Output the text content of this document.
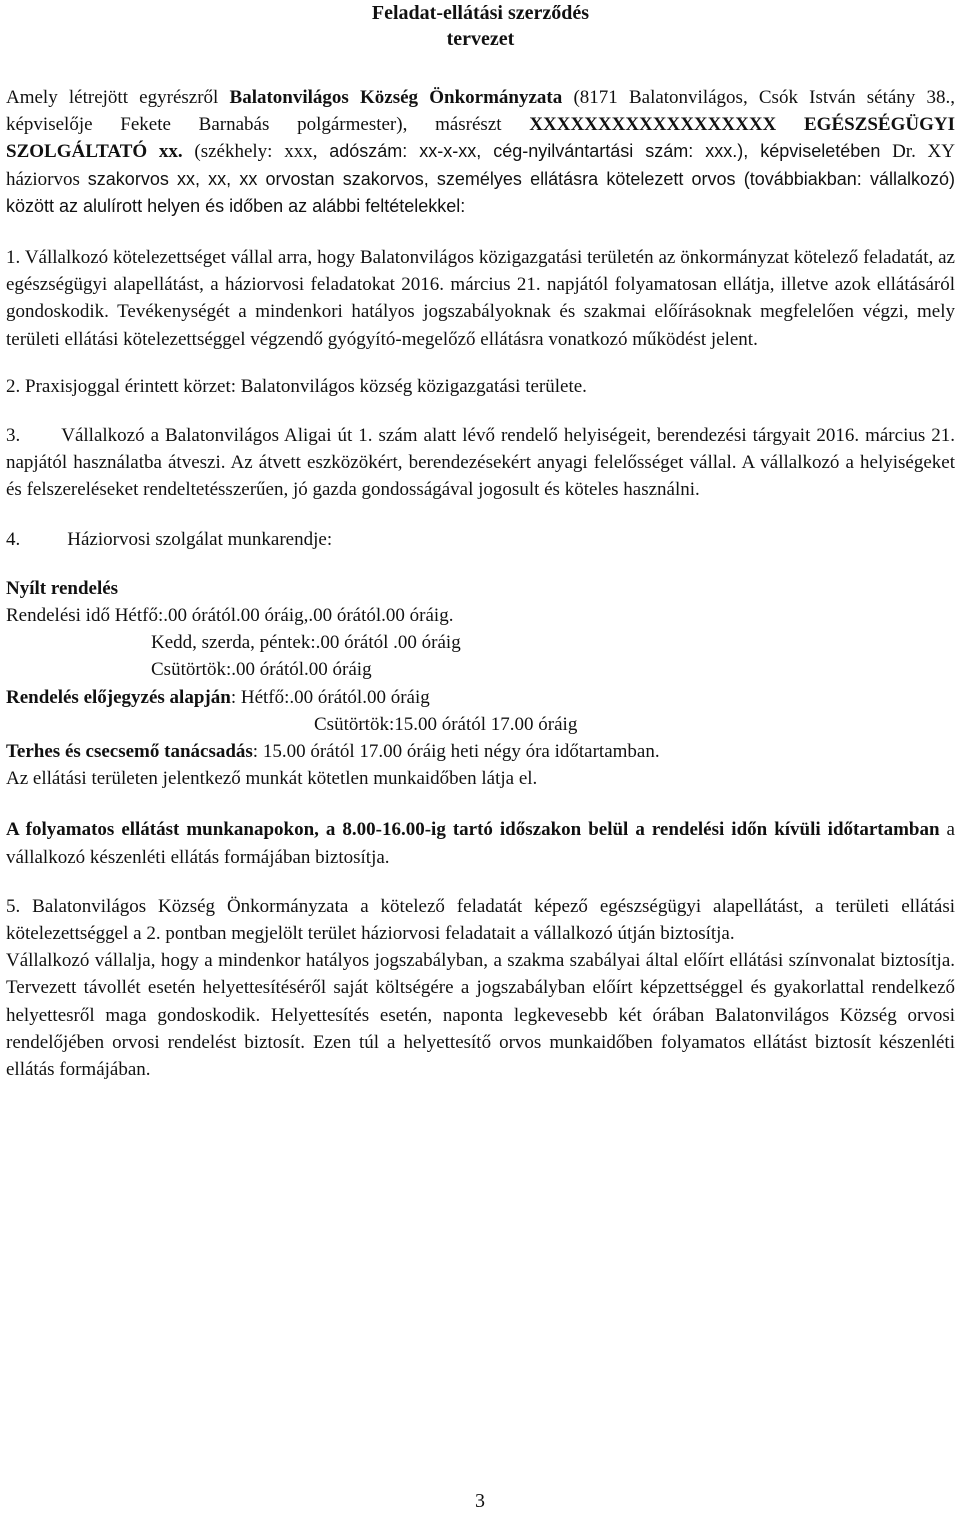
Feladat-ellátási szerződés

tervezet

Amely létrejött egyrészről Balatonvilágos Község Önkormányzata (8171 Balatonvilágos, Csók István sétány 38., képviselője Fekete Barnabás polgármester), másrészt XXXXXXXXXXXXXXXXXX EGÉSZSÉGÜGYI SZOLGÁLTATÓ xx. (székhely: xxx, adószám: xx-x-xx, cég-nyilvántartási szám: xxx.), képviseletében Dr. XY háziorvos szakorvos xx, xx, xx orvostan szakorvos, személyes ellátásra kötelezett orvos (továbbiakban: vállalkozó) között az alulírott helyen és időben az alábbi feltételekkel:

1. Vállalkozó kötelezettséget vállal arra, hogy Balatonvilágos közigazgatási területén az önkormányzat kötelező feladatát, az egészségügyi alapellátást, a háziorvosi feladatokat 2016. március 21. napjától folyamatosan ellátja, illetve azok ellátásáról gondoskodik. Tevékenységét a mindenkori hatályos jogszabályoknak és szakmai előírásoknak megfelelően végzi, mely területi ellátási kötelezettséggel végzendő gyógyító-megelőző ellátásra vonatkozó működést jelent.

2. Praxisjoggal érintett körzet: Balatonvilágos község közigazgatási területe.

3. Vállalkozó a Balatonvilágos Aligai út 1. szám alatt lévő rendelő helyiségeit, berendezési tárgyait 2016. március 21. napjától használatba átveszi. Az átvett eszközökért, berendezésekért anyagi felelősséget vállal. A vállalkozó a helyiségeket és felszereléseket rendeltetésszerűen, jó gazda gondosságával jogosult és köteles használni.

4. Háziorvosi szolgálat munkarendje:

Nyílt rendelés

Rendelési idő Hétfő:.00 órától.00 óráig,.00 órától.00 óráig.

Kedd, szerda, péntek:.00 órától .00 óráig

Csütörtök:.00 órától.00 óráig

Rendelés előjegyzés alapján: Hétfő:.00 órától.00 óráig

Csütörtök:15.00 órától 17.00 óráig

Terhes és csecsemő tanácsadás: 15.00 órától 17.00 óráig heti négy óra időtartamban.

Az ellátási területen jelentkező munkát kötetlen munkaidőben látja el.

A folyamatos ellátást munkanapokon, a 8.00-16.00-ig tartó időszakon belül a rendelési időn kívüli időtartamban a vállalkozó készenléti ellátás formájában biztosítja.

5. Balatonvilágos Község Önkormányzata a kötelező feladatát képező egészségügyi alapellátást, a területi ellátási kötelezettséggel a 2. pontban megjelölt terület háziorvosi feladatait a vállalkozó útján biztosítja.

Vállalkozó vállalja, hogy a mindenkor hatályos jogszabályban, a szakma szabályai által előírt ellátási színvonalat biztosítja. Tervezett távollét esetén helyettesítéséről saját költségére a jogszabályban előírt képzettséggel és gyakorlattal rendelkező helyettesről maga gondoskodik. Helyettesítés esetén, naponta legkevesebb két órában Balatonvilágos Község orvosi rendelőjében orvosi rendelést biztosít. Ezen túl a helyettesítő orvos munkaidőben folyamatos ellátást biztosít készenléti ellátás formájában.

3
